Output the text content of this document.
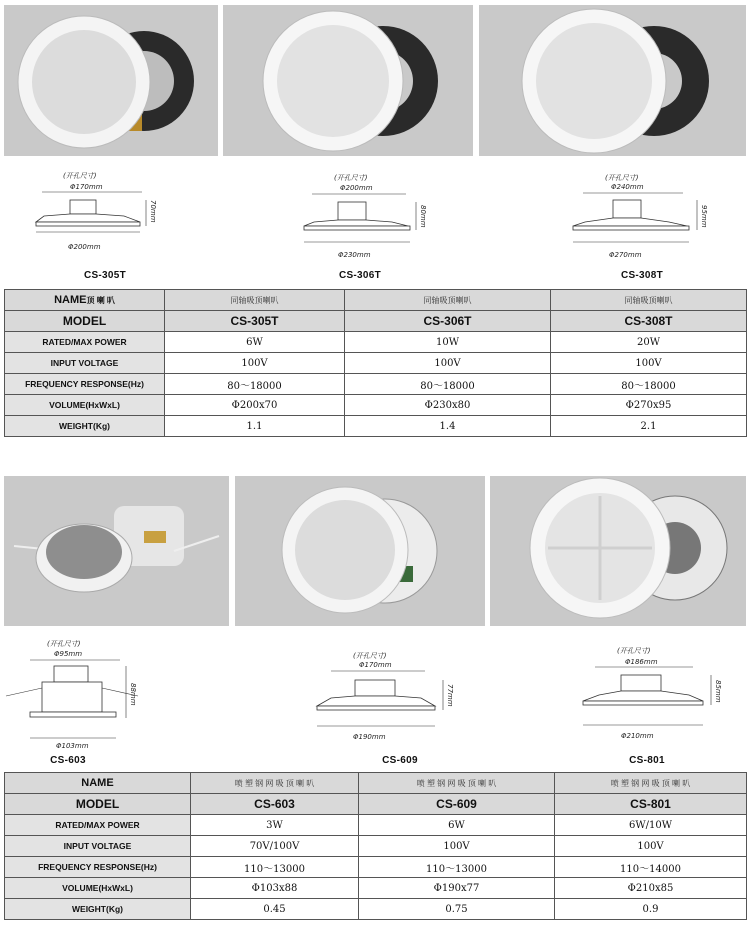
(开孔尺寸)
Φ170mm
70mm
Φ200mm
CS-305T
(开孔尺寸)
Φ200mm
80mm
Φ230mm
CS-306T
(开孔尺寸)
Φ240mm
95mm
Φ270mm
CS-308T
NAME顶 喇 叭	同轴吸顶喇叭	同轴吸顶喇叭	同轴吸顶喇叭
MODEL	CS-305T	CS-306T	CS-308T
RATED/MAX POWER	6W	10W	20W
INPUT VOLTAGE	100V	100V	100V
FREQUENCY RESPONSE(Hz)	80～18000	80～18000	80～18000
VOLUME(HxWxL)	Φ200x70	Φ230x80	Φ270x95
WEIGHT(Kg)	1.1	1.4	2.1
(开孔尺寸)
Φ95mm
88mm
Φ103mm
CS-603
(开孔尺寸)
Φ170mm
77mm
Φ190mm
CS-609
(开孔尺寸)
Φ186mm
85mm
Φ210mm
CS-801
NAME	喷 塑 钢 网 吸 顶 喇 叭	喷 塑 钢 网 吸 顶 喇 叭	喷 塑 钢 网 吸 顶 喇 叭
MODEL	CS-603	CS-609	CS-801
RATED/MAX POWER	3W	6W	6W/10W
INPUT VOLTAGE	70V/100V	100V	100V
FREQUENCY RESPONSE(Hz)	110～13000	110～13000	110～14000
VOLUME(HxWxL)	Φ103x88	Φ190x77	Φ210x85
WEIGHT(Kg)	0.45	0.75	0.9
